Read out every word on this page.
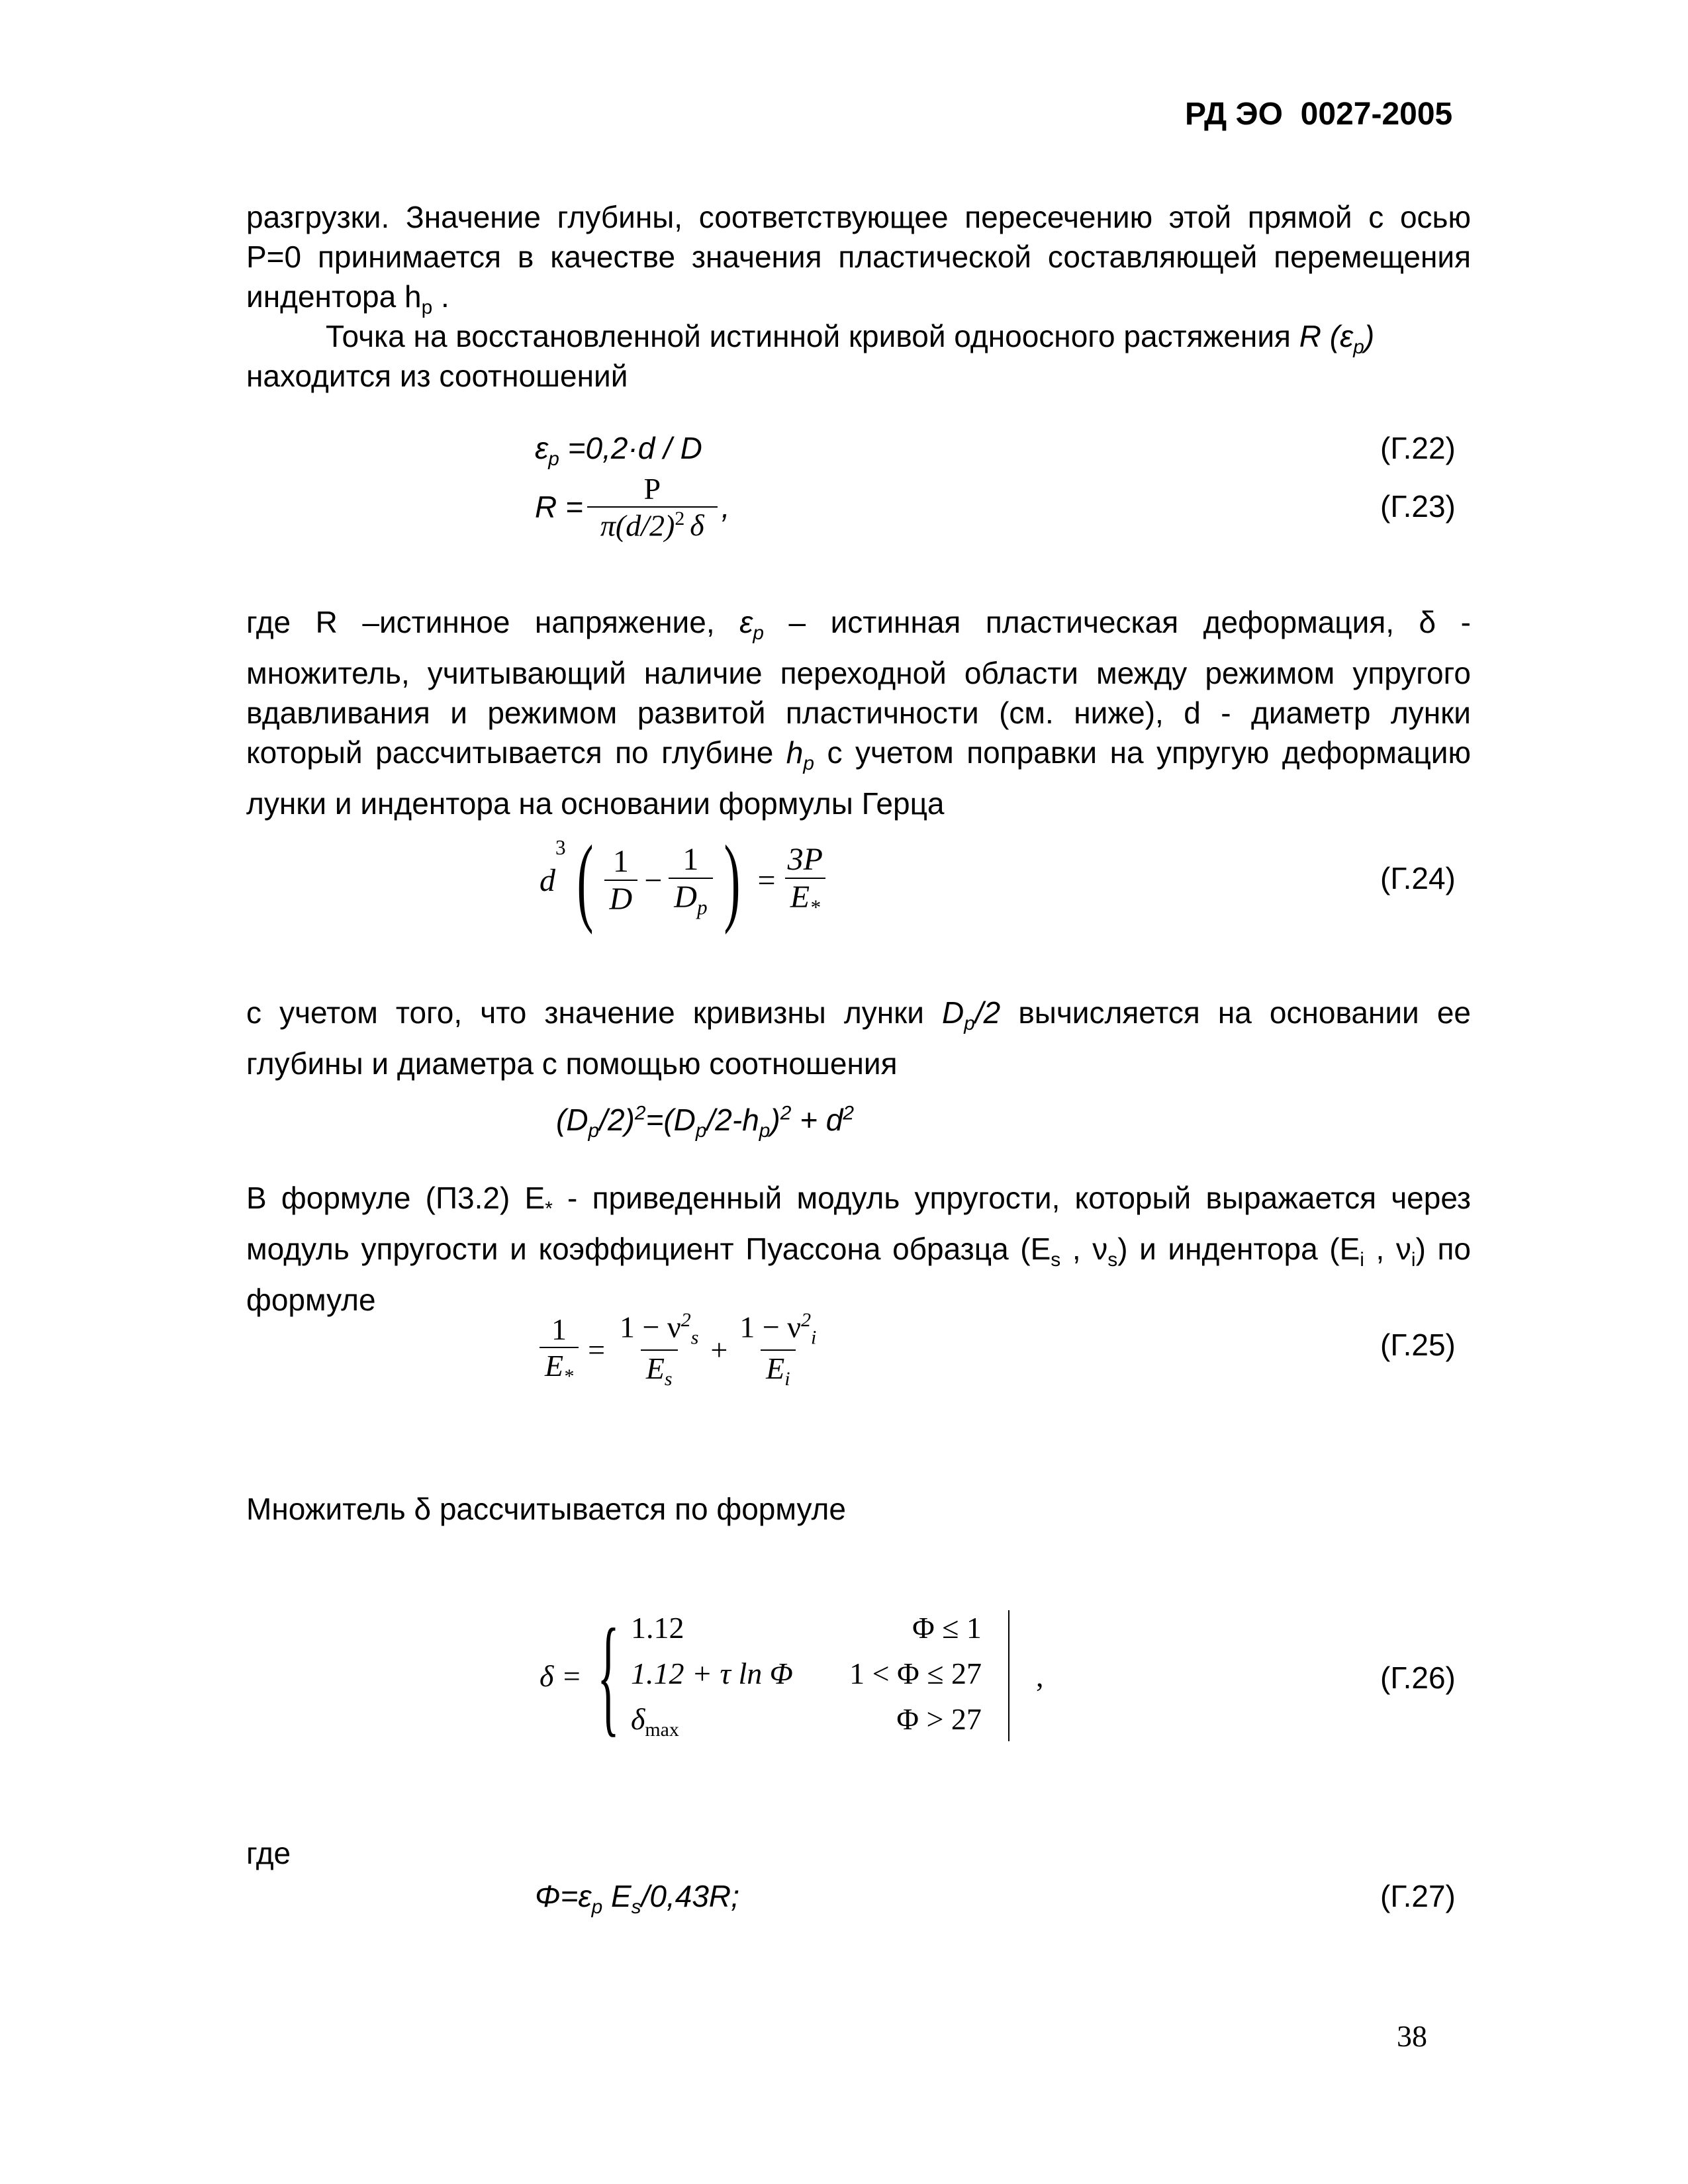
РД ЭО  0027-2005
разгрузки. Значение глубины, соответствующее пересечению этой прямой с осью Р=0 принимается в качестве значения пластической составляющей перемещения индентора $h_р$ .
Точка на восстановленной истинной кривой одноосного растяжения R $(\varepsilon_p)$
находится из соотношений
$\varepsilon_p =0,2\cdot d / D$	(Г.22)
$R = \frac{P}{\pi(d/2)^2 \delta}$ ,	(Г.23)
где R –истинное напряжение, $\varepsilon_p$ – истинная пластическая деформация, δ - множитель, учитывающий наличие переходной области между режимом упругого вдавливания и режимом развитой пластичности (см. ниже), d - диаметр лунки который рассчитывается по глубине $h_p$ с учетом поправки на упругую деформацию лунки и индентора на основании формулы Герца
d
3 ( $\frac{1}{D} - \frac{1}{D_p}$ ) = $\frac{3P}{E_*}$	(Г.24)
с учетом того, что значение кривизны лунки $D_p/2$ вычисляется на основании ее глубины и диаметра с помощью соотношения
$(D_p/2)^2=(D_p/2-h_p)^2 + d^2$
В формуле (П3.2) $Е_*$ - приведенный модуль упругости, который выражается через модуль упругости и коэффициент Пуассона образца ($E_s$ , $\nu_s$) и индентора ($E_i$ , $\nu_i$) по формуле
$\frac{1}{E_*} = \frac{1 - \nu^2_s}{E_s} + \frac{1 - \nu^2_i}{E_i}$	(Г.25)
Множитель δ рассчитывается по формуле
δ = { 1.12	Φ ≤ 1
1.12 + τ ln Φ	1 < Φ ≤ 27
$\delta_{max}$	Φ > 27
,	(Г.26)
где
$\Phi=\varepsilon_p$ $E_s/0,43R$;	(Г.27)
38
